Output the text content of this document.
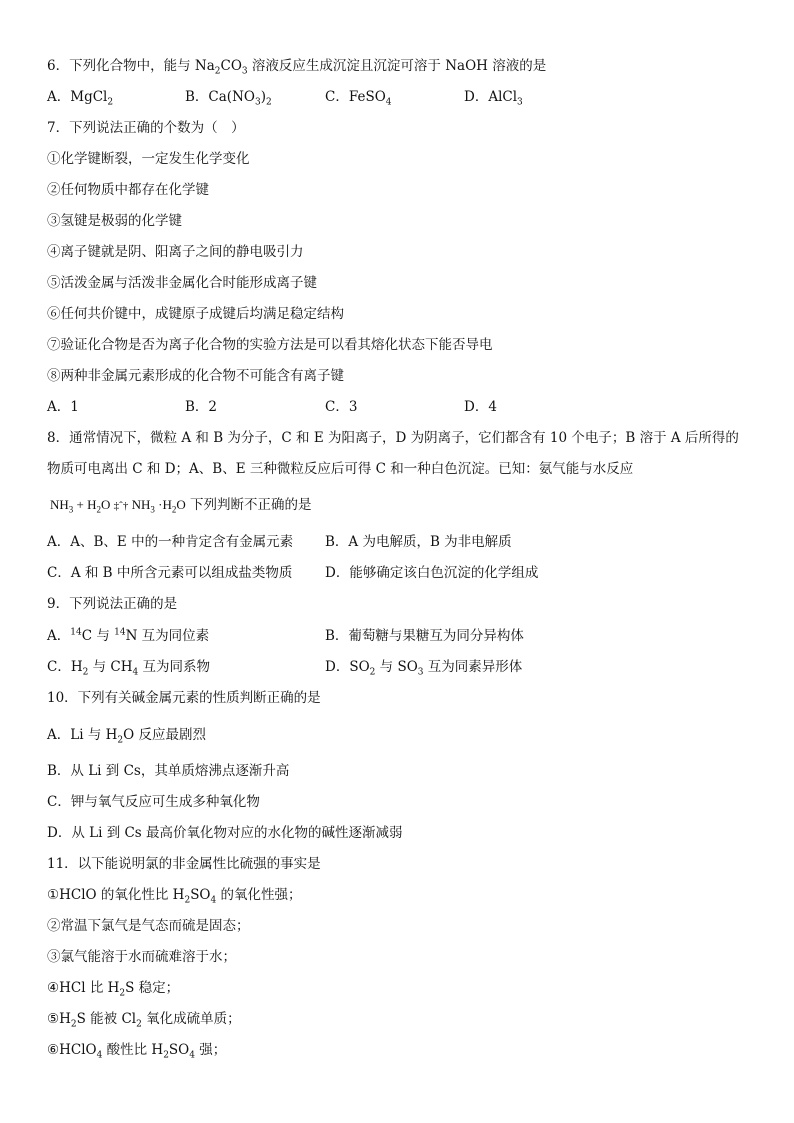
6．下列化合物中，能与 $Na_2CO_3$ 溶液反应生成沉淀且沉淀可溶于 NaOH 溶液的是
A．MgCl$_2$	B．$Ca(NO_3)_2$	C．FeSO$_4$	D．AlCl$_3$
7．下列说法正确的个数为（　）
①化学键断裂，一定发生化学变化
②任何物质中都存在化学键
③氢键是极弱的化学键
④离子键就是阴、阳离子之间的静电吸引力
⑤活泼金属与活泼非金属化合时能形成离子键
⑥任何共价键中，成键原子成键后均满足稳定结构
⑦验证化合物是否为离子化合物的实验方法是可以看其熔化状态下能否导电
⑧两种非金属元素形成的化合物不可能含有离子键
A．1	B．2	C．3	D．4
8．通常情况下，微粒 A 和 B 为分子，C 和 E 为阳离子，D 为阴离子，它们都含有 10 个电子；B 溶于 A 后所得的
物质可电离出 C 和 D；A、B、E 三种微粒反应后可得 C 和一种白色沉淀。已知：氨气能与水反应
$NH_3 + H_2O$ ‡ˆ† $NH_3 \cdot H_2O$ 下列判断不正确的是
A．A、B、E 中的一种肯定含有金属元素 B．A 为电解质，B 为非电解质
C．A 和 B 中所含元素可以组成盐类物质 D．能够确定该白色沉淀的化学组成
9．下列说法正确的是
A．$^{14}$C 与 $^{14}$N 互为同位素	B．葡萄糖与果糖互为同分异构体
C．$H_2$ 与 $CH_4$ 互为同系物	D．$SO_2$ 与 $SO_3$ 互为同素异形体
10．下列有关碱金属元素的性质判断正确的是
A．Li 与 $H_2O$ 反应最剧烈
B．从 Li 到 Cs，其单质熔沸点逐渐升高
C．钾与氧气反应可生成多种氧化物
D．从 Li 到 Cs 最高价氧化物对应的水化物的碱性逐渐减弱
11．以下能说明氯的非金属性比硫强的事实是
①HClO 的氧化性比 $H_2SO_4$ 的氧化性强；
②常温下氯气是气态而硫是固态；
③氯气能溶于水而硫难溶于水；
④HCl 比 $H_2S$ 稳定；
$⑤H_2S$ 能被 $Cl_2$ 氧化成硫单质；
⑥HClO$_4$ 酸性比 $H_2SO_4$ 强；
